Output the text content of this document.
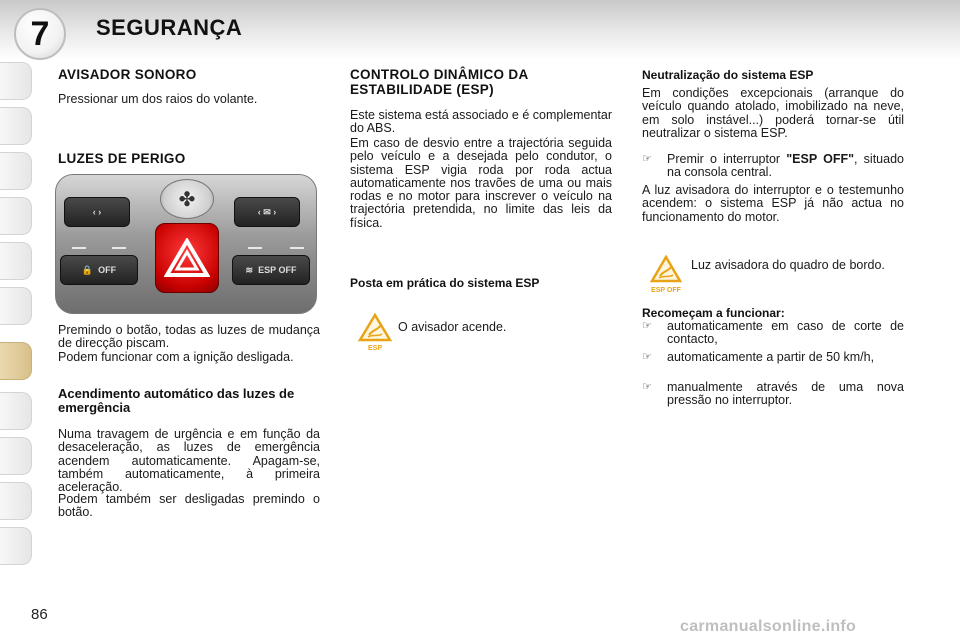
7	SEGURANÇA
AVISADOR SONORO
Pressionar um dos raios do volante.
LUZES DE PERIGO
‹ ›	‹ ✉ ›
🔒 OFF	≋ ESP OFF
✤
Premindo o botão, todas as luzes de mudança de direcção piscam.
Podem funcionar com a ignição desligada.
Acendimento automático das luzes de emergência
Numa travagem de urgência e em função da desaceleração, as luzes de emergência acendem automaticamente. Apagam-se, também automaticamente, à primeira aceleração.
Podem também ser desligadas premindo o botão.
CONTROLO DINÂMICO DA ESTABILIDADE (ESP)
Este sistema está associado e é complementar do ABS.
Em caso de desvio entre a trajectória seguida pelo veículo e a desejada pelo condutor, o sistema ESP vigia roda por roda actua automaticamente nos travões de uma ou mais rodas e no motor para inscrever o veículo na trajectória pretendida, no limite das leis da física.
Posta em prática do sistema ESP
ESP
O avisador acende.
Neutralização do sistema ESP
Em condições excepcionais (arranque do veículo quando atolado, imobilizado na neve, em solo instável...) poderá tornar-se útil neutralizar o sistema ESP.
☞	Premir o interruptor "ESP OFF", situado na consola central.
A luz avisadora do interruptor e o testemunho acendem: o sistema ESP já não actua no funcionamento do motor.
ESP OFF
Luz avisadora do quadro de bordo.
Recomeçam a funcionar:
☞	automaticamente em caso de corte de contacto,
☞	automaticamente a partir de 50 km/h,
☞	manualmente através de uma nova pressão no interruptor.
86
carmanualsonline.info
